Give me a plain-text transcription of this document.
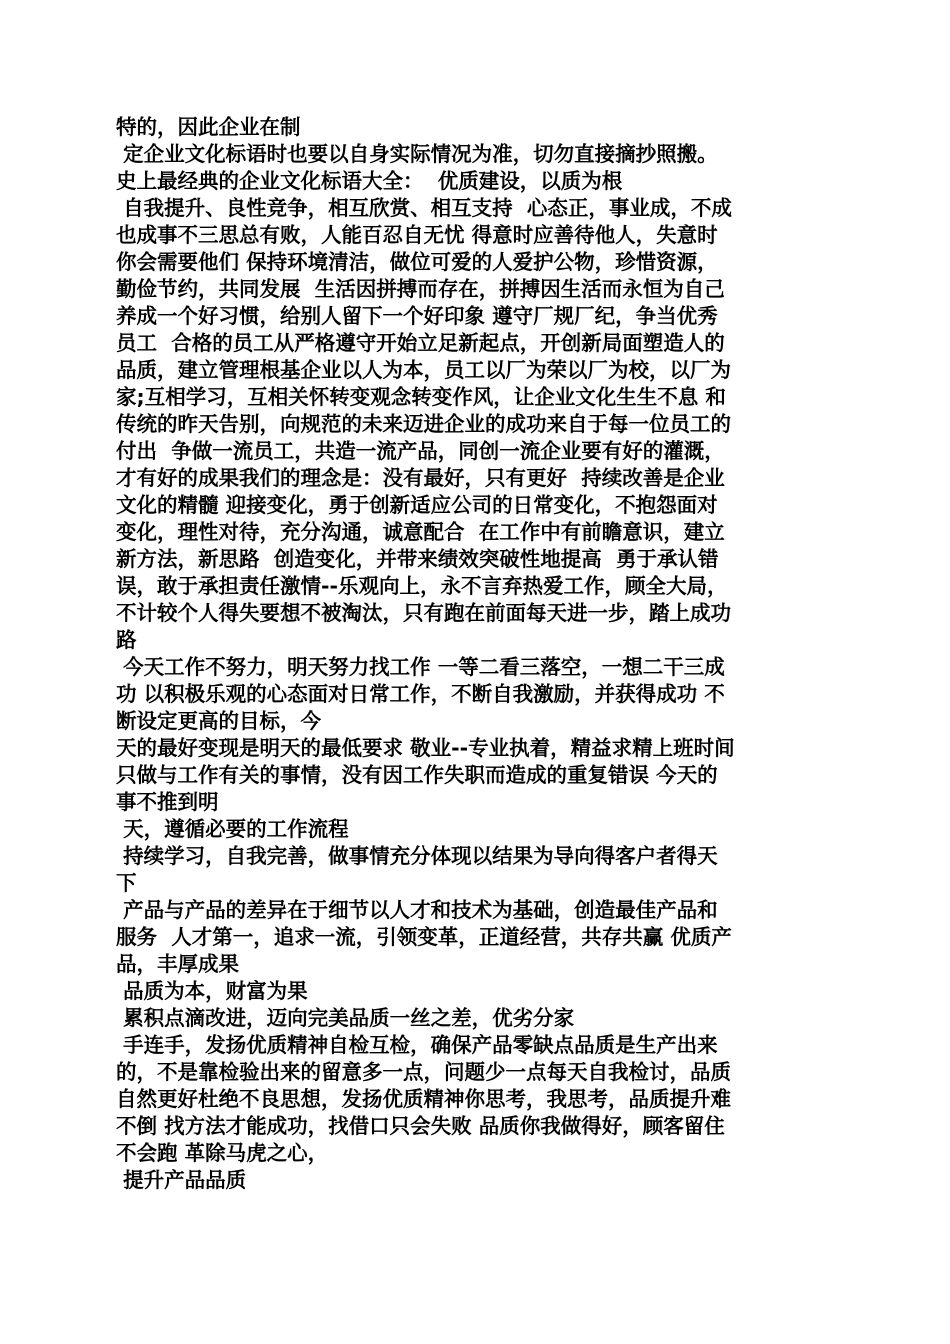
特的，因此企业在制
定企业文化标语时也要以自身实际情况为准，切勿直接摘抄照搬。
史上最经典的企业文化标语大全：  优质建设，以质为根
自我提升、良性竞争，相互欣赏、相互支持  心态正，事业成，不成
也成事不三思总有败，人能百忍自无忧 得意时应善待他人，失意时
你会需要他们 保持环境清洁，做位可爱的人爱护公物，珍惜资源，
勤俭节约，共同发展  生活因拼搏而存在，拼搏因生活而永恒为自己
养成一个好习惯，给别人留下一个好印象 遵守厂规厂纪，争当优秀
员工  合格的员工从严格遵守开始立足新起点，开创新局面塑造人的
品质，建立管理根基企业以人为本，员工以厂为荣以厂为校，以厂为
家;互相学习，互相关怀转变观念转变作风，让企业文化生生不息 和
传统的昨天告别，向规范的未来迈进企业的成功来自于每一位员工的
付出  争做一流员工，共造一流产品，同创一流企业要有好的灌溉，
才有好的成果我们的理念是：没有最好，只有更好  持续改善是企业
文化的精髓 迎接变化，勇于创新适应公司的日常变化，不抱怨面对
变化，理性对待，充分沟通，诚意配合  在工作中有前瞻意识，建立
新方法，新思路  创造变化，并带来绩效突破性地提高  勇于承认错
误，敢于承担责任激情--乐观向上，永不言弃热爱工作，顾全大局，
不计较个人得失要想不被淘汰，只有跑在前面每天进一步，踏上成功
路
今天工作不努力，明天努力找工作 一等二看三落空，一想二干三成
功 以积极乐观的心态面对日常工作，不断自我激励，并获得成功 不
断设定更高的目标，今
天的最好变现是明天的最低要求 敬业--专业执着，精益求精上班时间
只做与工作有关的事情，没有因工作失职而造成的重复错误 今天的
事不推到明
天，遵循必要的工作流程
持续学习，自我完善，做事情充分体现以结果为导向得客户者得天
下
产品与产品的差异在于细节以人才和技术为基础，创造最佳产品和
服务  人才第一，追求一流，引领变革，正道经营，共存共赢 优质产
品，丰厚成果
品质为本，财富为果
累积点滴改进，迈向完美品质一丝之差，优劣分家
手连手，发扬优质精神自检互检，确保产品零缺点品质是生产出来
的，不是靠检验出来的留意多一点，问题少一点每天自我检讨，品质
自然更好杜绝不良思想，发扬优质精神你思考，我思考，品质提升难
不倒 找方法才能成功，找借口只会失败 品质你我做得好，顾客留住
不会跑 革除马虎之心，
提升产品品质
